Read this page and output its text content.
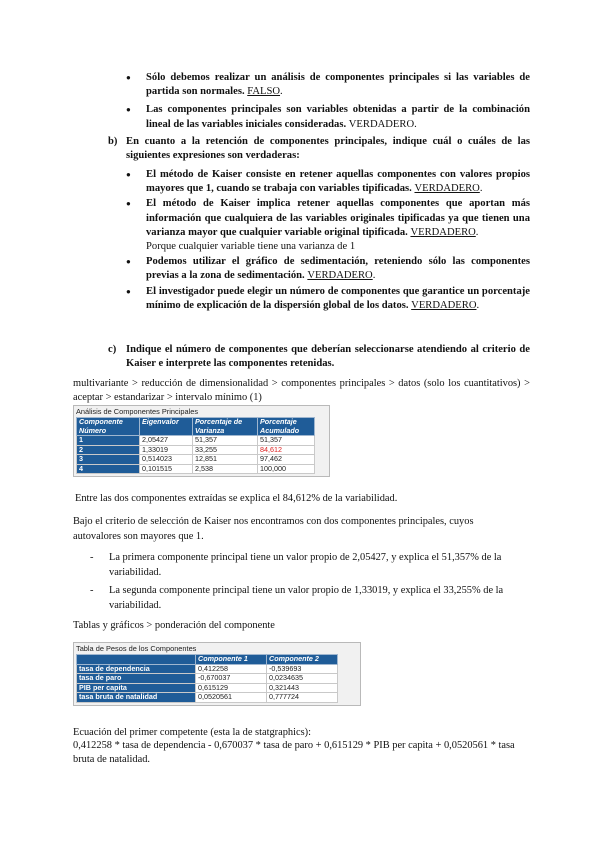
● Sólo debemos realizar un análisis de componentes principales si las variables de partida son normales. FALSO.
● Las componentes principales son variables obtenidas a partir de la combinación lineal de las variables iniciales consideradas. VERDADERO.
b) En cuanto a la retención de componentes principales, indique cuál o cuáles de las siguientes expresiones son verdaderas:
● El método de Kaiser consiste en retener aquellas componentes con valores propios mayores que 1, cuando se trabaja con variables tipificadas. VERDADERO.
● El método de Kaiser implica retener aquellas componentes que aportan más información que cualquiera de las variables originales tipificadas ya que tienen una varianza mayor que cualquier variable original tipificada. VERDADERO.
Porque cualquier variable tiene una varianza de 1
● Podemos utilizar el gráfico de sedimentación, reteniendo sólo las componentes previas a la zona de sedimentación. VERDADERO.
● El investigador puede elegir un número de componentes que garantice un porcentaje mínimo de explicación de la dispersión global de los datos. VERDADERO.
c) Indique el número de componentes que deberían seleccionarse atendiendo al criterio de Kaiser e interprete las componentes retenidas.
multivariante > reducción de dimensionalidad > componentes principales > datos (solo los cuantitativos) > aceptar > estandarizar > intervalo mínimo (1)
Análisis de Componentes Principales
Componente Número	Eigenvalor	Porcentaje de Varianza	Porcentaje Acumulado
1	2,05427	51,357	51,357
2	1,33019	33,255	84,612
3	0,514023	12,851	97,462
4	0,101515	2,538	100,000
Entre las dos componentes extraídas se explica el 84,612% de la variabilidad.
Bajo el criterio de selección de Kaiser nos encontramos con dos componentes principales, cuyos autovalores son mayores que 1.
- La primera componente principal tiene un valor propio de 2,05427, y explica el 51,357% de la variabilidad.
- La segunda componente principal tiene un valor propio de 1,33019, y explica el 33,255% de la variabilidad.
Tablas y gráficos > ponderación del componente
Tabla de Pesos de los Componentes
	Componente 1	Componente 2
tasa de dependencia	0,412258	-0,539693
tasa de paro	-0,670037	0,0234635
PIB per capita	0,615129	0,321443
tasa bruta de natalidad	0,0520561	0,777724
Ecuación del primer competente (esta la de statgraphics):
0,412258 * tasa de dependencia - 0,670037 * tasa de paro + 0,615129 * PIB per capita + 0,0520561 * tasa bruta de natalidad.
